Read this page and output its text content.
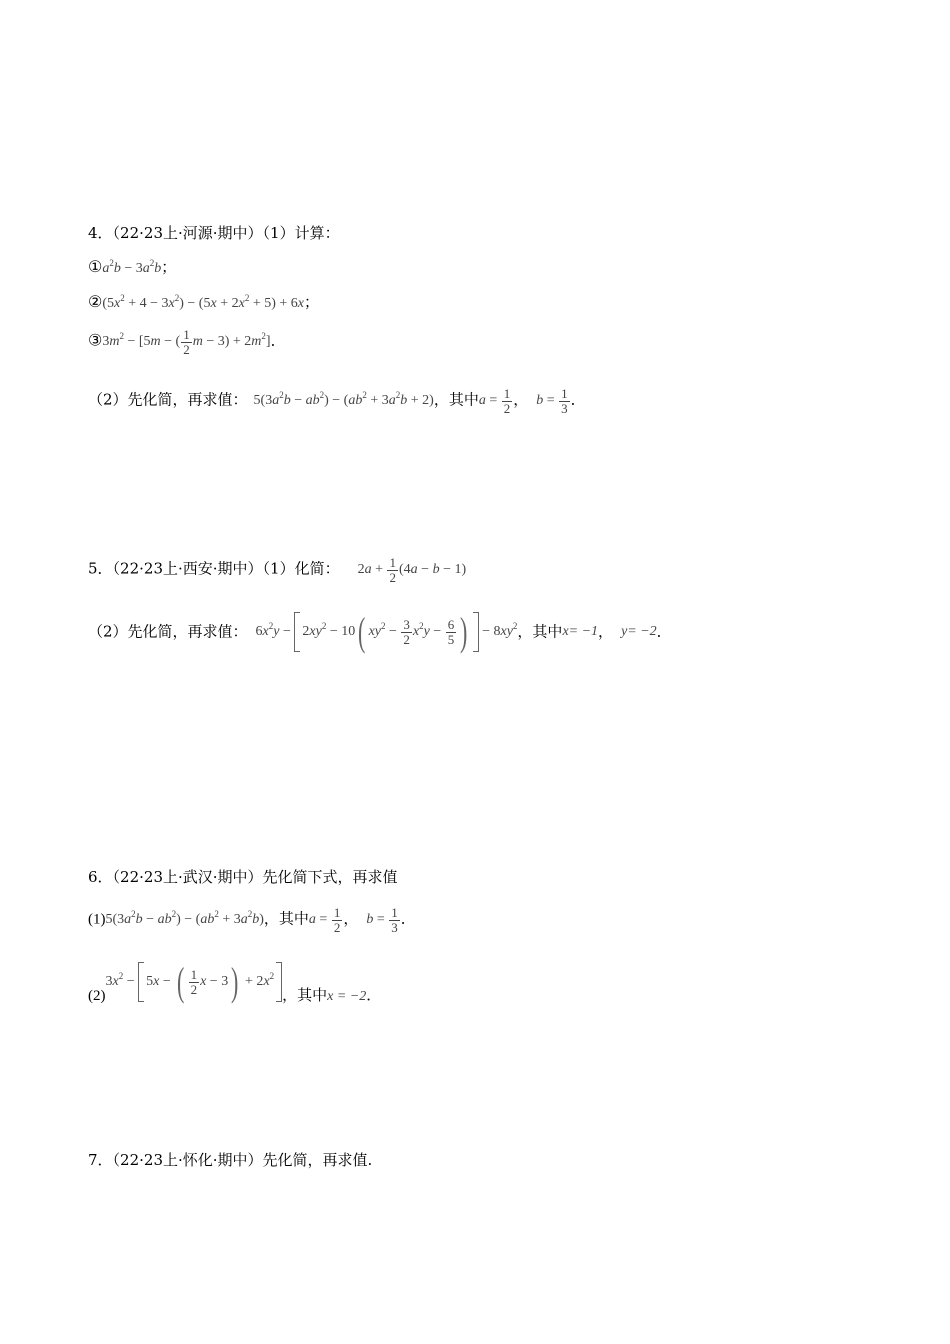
4．（22·23上·河源·期中）（1）计算：
$①a^2b - 3a^2b$；
$②(5x^2 + 4 - 3x^2) - (5x + 2x^2 + 5) + 6x$；
$③3m^2 - [5m$ − ( $\frac{1}{2}$ $m - 3) + 2m^2$]．
（2）先化简，再求值： $5(3a^2b - ab^2) - (ab^2 + 3a^2b + 2)$，其中$a = \frac{1}{2}$ ， $b = \frac{1}{3}$ ．
5．（22·23上·西安·期中）（1）化简： $2a + \frac{1}{2} (4a - b - 1)$
（2）先化简，再求值： $6x^2y - 2xy^2 - 10$( $xy^2 - \frac{3}{2} x^2y - \frac{6}{5}$ ) − $8xy^2$，其中x= −1， y= −2．
6．（22·23上·武汉·期中）先化简下式，再求值
$(1)5(3a^2b - ab^2) - (ab^2 + 3a^2b)$，其中$a = \frac{1}{2}$ ， $b = \frac{1}{3}$ ．
$(2)3x^2 - 5x$ − ( $\frac{1}{2}$ $x - 3) + 2x^2$，其中x = −2．
7．（22·23上·怀化·期中）先化简，再求值.
